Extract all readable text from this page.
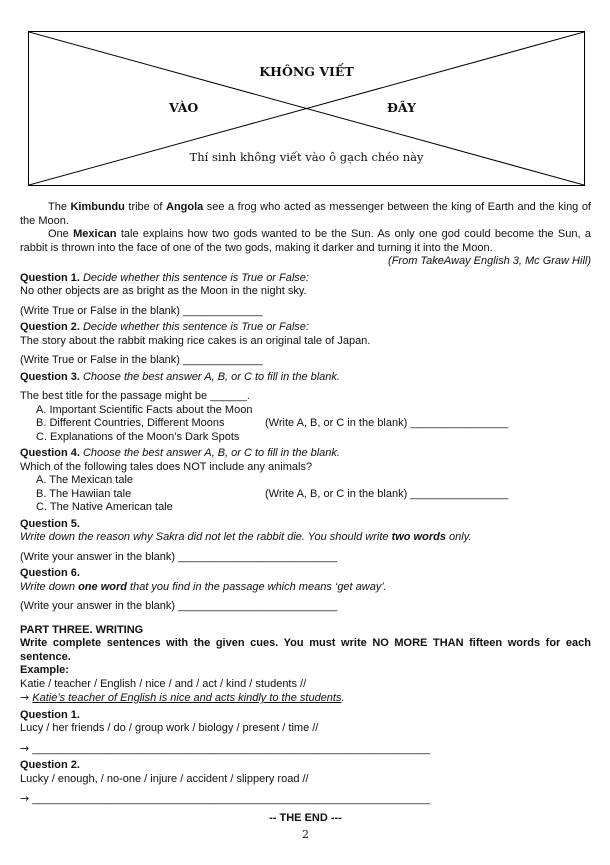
KHÔNG VIẾT
VÀO	ĐÂY
Thí sinh không viết vào ô gạch chéo này

The Kimbundu tribe of Angola see a frog who acted as messenger between the king of Earth and the king of the Moon.

One Mexican tale explains how two gods wanted to be the Sun. As only one god could become the Sun, a rabbit is thrown into the face of one of the two gods, making it darker and turning it into the Moon.

(From TakeAway English 3, Mc Graw Hill)

Question 1. Decide whether this sentence is True or False:

No other objects are as bright as the Moon in the night sky.

(Write True or False in the blank) _____________

Question 2. Decide whether this sentence is True or False:

The story about the rabbit making rice cakes is an original tale of Japan.

(Write True or False in the blank) _____________

Question 3. Choose the best answer A, B, or C to fill in the blank.

The best title for the passage might be ______.

A. Important Scientific Facts about the Moon

B. Different Countries, Different Moons	(Write A, B, or C in the blank) ________________

C. Explanations of the Moon’s Dark Spots

Question 4. Choose the best answer A, B, or C to fill in the blank.

Which of the following tales does NOT include any animals?

A. The Mexican tale

B. The Hawiian tale	(Write A, B, or C in the blank) ________________

C. The Native American tale

Question 5.

Write down the reason why Sakra did not let the rabbit die. You should write two words only.

(Write your answer in the blank) __________________________

Question 6.

Write down one word that you find in the passage which means ‘get away’.

(Write your answer in the blank) __________________________

PART THREE. WRITING

Write complete sentences with the given cues. You must write NO MORE THAN fifteen words for each sentence.

Example:

Katie / teacher / English / nice / and / act / kind / students //

→ Katie’s teacher of English is nice and acts kindly to the students.

Question 1.

Lucy / her friends / do / group work / biology / present / time //

→ _________________________________________________________________

Question 2.

Lucky / enough, / no-one / injure / accident / slippery road //

→ _________________________________________________________________

-- THE END ---

2
